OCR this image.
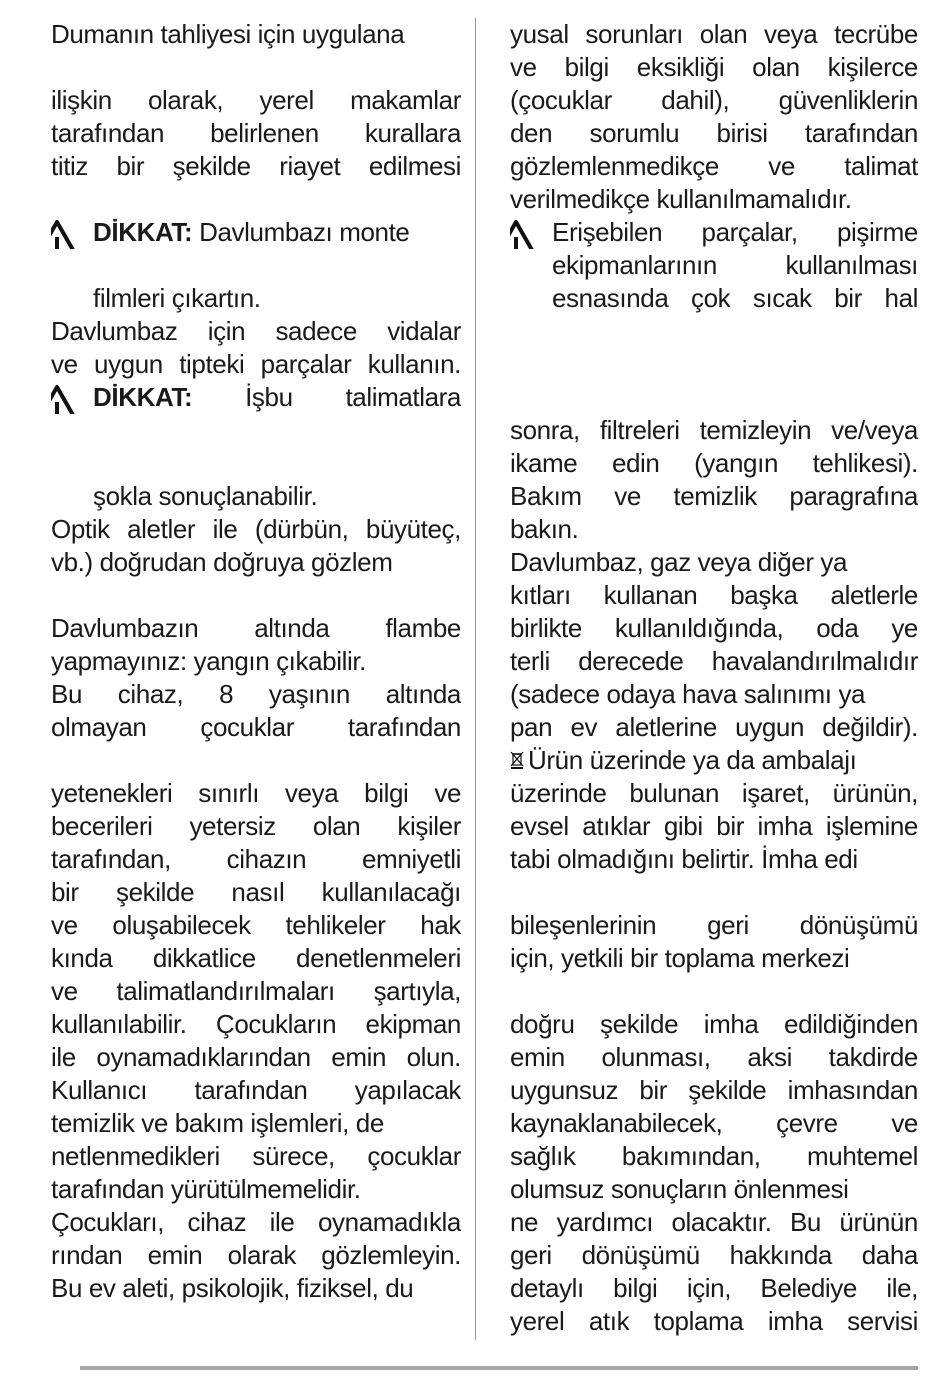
Dumanın tahliyesi için uygulana
ilişkin olarak, yerel makamlar
tarafından belirlenen kurallara
titiz bir şekilde riayet edilmesi
DİKKAT: Davlumbazı monte
filmleri çıkartın.
Davlumbaz için sadece vidalar
ve uygun tipteki parçalar kullanın.
DİKKAT: İşbu talimatlara
şokla sonuçlanabilir.
Optik aletler ile (dürbün, büyüteç,
vb.) doğrudan doğruya gözlem
Davlumbazın altında flambe
yapmayınız: yangın çıkabilir.
Bu cihaz, 8 yaşının altında
olmayan çocuklar tarafından
yetenekleri sınırlı veya bilgi ve
becerileri yetersiz olan kişiler
tarafından, cihazın emniyetli
bir şekilde nasıl kullanılacağı
ve oluşabilecek tehlikeler hak
kında dikkatlice denetlenmeleri
ve talimatlandırılmaları şartıyla,
kullanılabilir. Çocukların ekipman
ile oynamadıklarından emin olun.
Kullanıcı tarafından yapılacak
temizlik ve bakım işlemleri, de
netlenmedikleri sürece, çocuklar
tarafından yürütülmemelidir.
Çocukları, cihaz ile oynamadıkla
rından emin olarak gözlemleyin.
Bu ev aleti, psikolojik, fiziksel, du
yusal sorunları olan veya tecrübe
ve bilgi eksikliği olan kişilerce
(çocuklar dahil), güvenliklerin
den sorumlu birisi tarafından
gözlemlenmedikçe ve talimat
verilmedikçe kullanılmamalıdır.
Erişebilen parçalar, pişirme
ekipmanlarının kullanılması
esnasında çok sıcak bir hal
sonra, filtreleri temizleyin ve/veya
ikame edin (yangın tehlikesi).
Bakım ve temizlik paragrafına
bakın.
Davlumbaz, gaz veya diğer ya
kıtları kullanan başka aletlerle
birlikte kullanıldığında, oda ye
terli derecede havalandırılmalıdır
(sadece odaya hava salınımı ya
pan ev aletlerine uygun değildir).
Ürün üzerinde ya da ambalajı
üzerinde bulunan işaret, ürünün,
evsel atıklar gibi bir imha işlemine
tabi olmadığını belirtir. İmha edi
bileşenlerinin geri dönüşümü
için, yetkili bir toplama merkezi
doğru şekilde imha edildiğinden
emin olunması, aksi takdirde
uygunsuz bir şekilde imhasından
kaynaklanabilecek, çevre ve
sağlık bakımından, muhtemel
olumsuz sonuçların önlenmesi
ne yardımcı olacaktır. Bu ürünün
geri dönüşümü hakkında daha
detaylı bilgi için, Belediye ile,
yerel atık toplama imha servisi
